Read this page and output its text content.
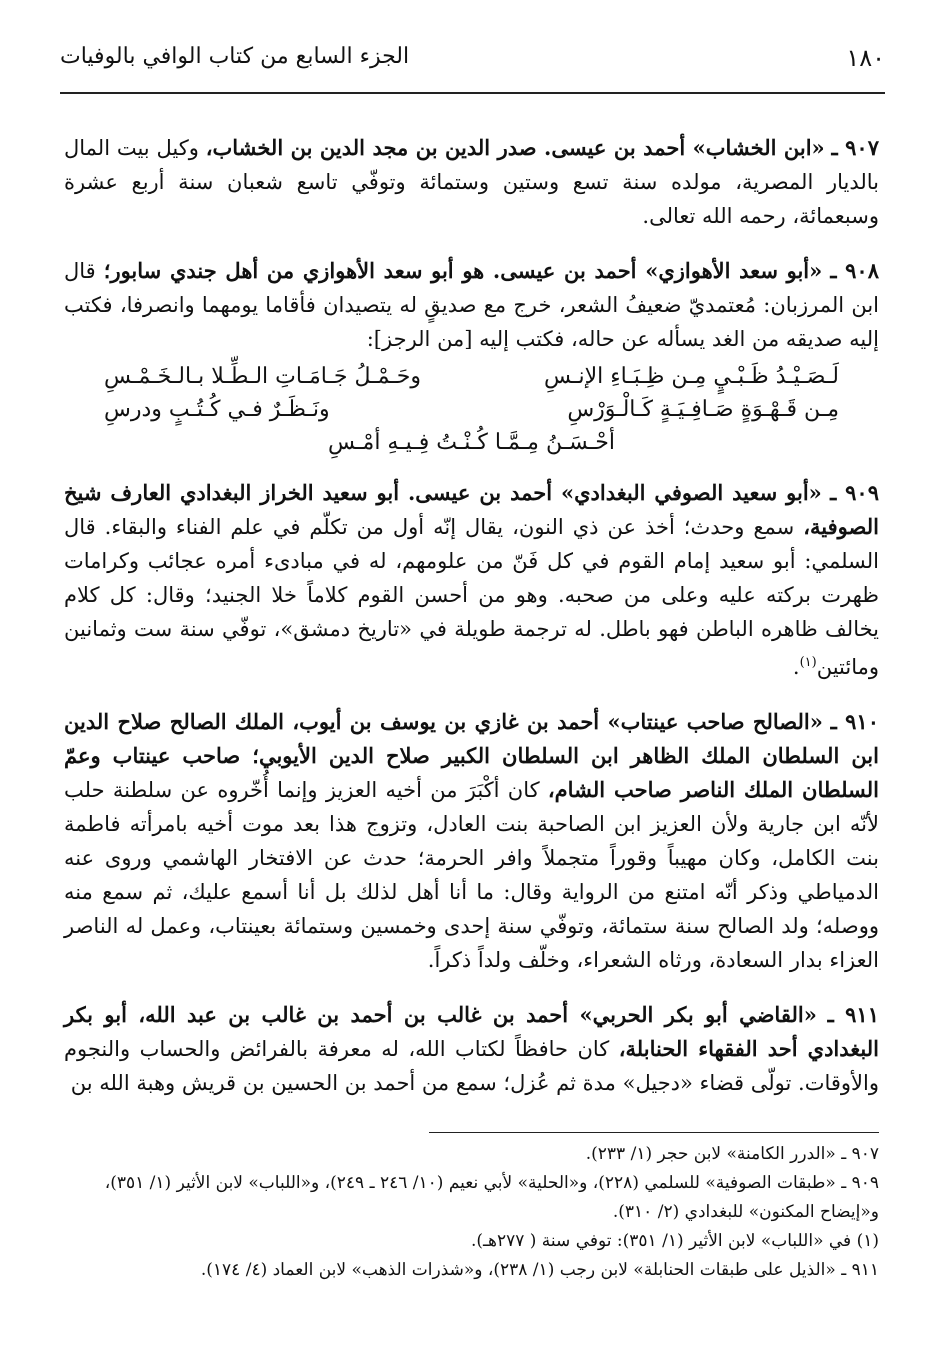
١٨٠
الجزء السابع من كتاب الوافي بالوفيات

٩٠٧ ـ «ابن الخشاب» أحمد بن عيسى. صدر الدين بن مجد الدين بن الخشاب، وكيل بيت المال بالديار المصرية، مولده سنة تسع وستين وستمائة وتوفّي تاسع شعبان سنة أربع عشرة وسبعمائة، رحمه الله تعالى.

٩٠٨ ـ «أبو سعد الأهوازي» أحمد بن عيسى. هو أبو سعد الأهوازي من أهل جندي سابور؛ قال ابن المرزبان: مُعتمديّ ضعيفُ الشعر، خرج مع صديقٍ له يتصيدان فأقاما يومهما وانصرفا، فكتب إليه صديقه من الغد يسأله عن حاله، فكتب إليه [من الرجز]:

لَـصَـيْـدُ ظَـبْـيٍ مِـن ظِـبَـاءِ الإنـسِ
وحَـمْـلُ جَـامَـاتِ الـطِّـلا بـالـخَـمْـسِ
مِـن قَـهْـوَةٍ صَـافِـيَـةٍ كَـالْـوَرْسِ
ونَـظَـرٌ فـي كُـتُـبٍ ودرسِ
أحْـسَـنُ مِـمَّـا كُـنْـتُ فِـيـهِ أمْـسِ

٩٠٩ ـ «أبو سعيد الصوفي البغدادي» أحمد بن عيسى. أبو سعيد الخراز البغدادي العارف شيخ الصوفية، سمع وحدث؛ أخذ عن ذي النون، يقال إنّه أول من تكلّم في علم الفناء والبقاء. قال السلمي: أبو سعيد إمام القوم في كل فَنّ من علومهم، له في مبادىء أمره عجائب وكرامات ظهرت بركته عليه وعلى من صحبه. وهو من أحسن القوم كلاماً خلا الجنيد؛ وقال: كل كلام يخالف ظاهره الباطن فهو باطل. له ترجمة طويلة في «تاريخ دمشق»، توفّي سنة ست وثمانين ومائتين$^{(١)}$.

٩١٠ ـ «الصالح صاحب عينتاب» أحمد بن غازي بن يوسف بن أيوب، الملك الصالح صلاح الدين ابن السلطان الملك الظاهر ابن السلطان الكبير صلاح الدين الأيوبي؛ صاحب عينتاب وعمّ السلطان الملك الناصر صاحب الشام، كان أكْبَرَ من أخيه العزيز وإنما أُخّروه عن سلطنة حلب لأنّه ابن جارية ولأن العزيز ابن الصاحبة بنت العادل، وتزوج هذا بعد موت أخيه بامرأته فاطمة بنت الكامل، وكان مهيباً وقوراً متجملاً وافر الحرمة؛ حدث عن الافتخار الهاشمي وروى عنه الدمياطي وذكر أنّه امتنع من الرواية وقال: ما أنا أهل لذلك بل أنا أسمع عليك، ثم سمع منه ووصله؛ ولد الصالح سنة ستمائة، وتوفّي سنة إحدى وخمسين وستمائة بعينتاب، وعمل له الناصر العزاء بدار السعادة، ورثاه الشعراء، وخلّف ولداً ذكراً.

٩١١ ـ «القاضي أبو بكر الحربي» أحمد بن غالب بن أحمد بن غالب بن عبد الله، أبو بكر البغدادي أحد الفقهاء الحنابلة، كان حافظاً لكتاب الله، له معرفة بالفرائض والحساب والنجوم والأوقات. تولّى قضاء «دجيل» مدة ثم عُزل؛ سمع من أحمد بن الحسين بن قريش وهبة الله بن

٩٠٧ ـ «الدرر الكامنة» لابن حجر (١/ ٢٣٣).

٩٠٩ ـ «طبقات الصوفية» للسلمي (٢٢٨)، و«الحلية» لأبي نعيم (١٠/ ٢٤٦ ـ ٢٤٩)، و«اللباب» لابن الأثير (١/ ٣٥١)، و«إيضاح المكنون» للبغدادي (٢/ ٣١٠).

(١) في «اللباب» لابن الأثير (١/ ٣٥١): توفي سنة ( ٢٧٧هـ).

٩١١ ـ «الذيل على طبقات الحنابلة» لابن رجب (١/ ٢٣٨)، و«شذرات الذهب» لابن العماد (٤/ ١٧٤).
